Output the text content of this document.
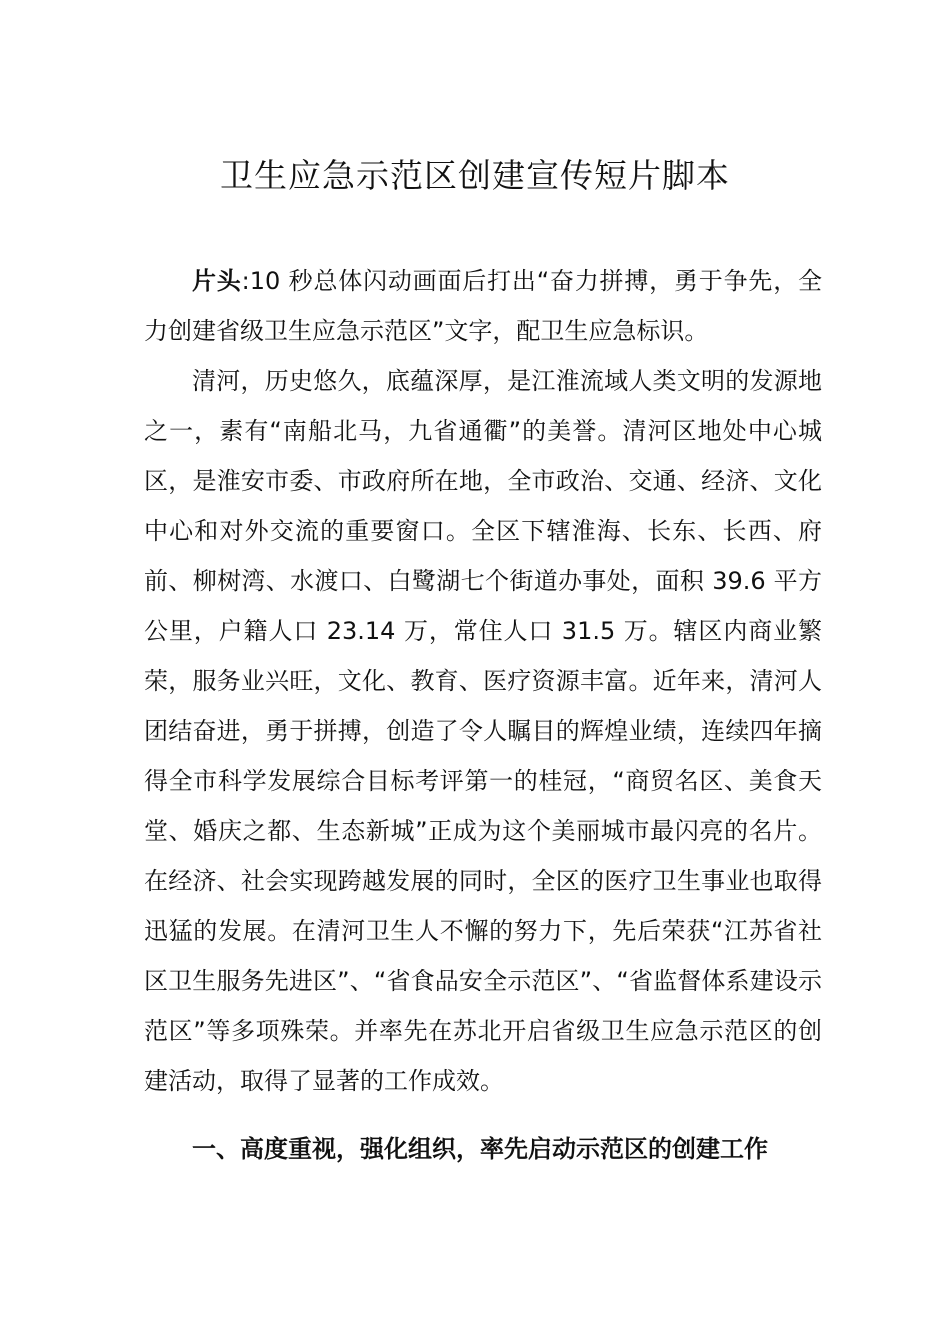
卫生应急示范区创建宣传短片脚本

片头:10 秒总体闪动画面后打出“奋力拼搏，勇于争先，全力创建省级卫生应急示范区”文字，配卫生应急标识。

清河，历史悠久，底蕴深厚，是江淮流域人类文明的发源地之一，素有“南船北马，九省通衢”的美誉。清河区地处中心城区，是淮安市委、市政府所在地，全市政治、交通、经济、文化中心和对外交流的重要窗口。全区下辖淮海、长东、长西、府前、柳树湾、水渡口、白鹭湖七个街道办事处，面积 39.6 平方公里，户籍人口 23.14 万，常住人口 31.5 万。辖区内商业繁荣，服务业兴旺，文化、教育、医疗资源丰富。近年来，清河人团结奋进，勇于拼搏，创造了令人瞩目的辉煌业绩，连续四年摘得全市科学发展综合目标考评第一的桂冠，“商贸名区、美食天堂、婚庆之都、生态新城”正成为这个美丽城市最闪亮的名片。在经济、社会实现跨越发展的同时，全区的医疗卫生事业也取得迅猛的发展。在清河卫生人不懈的努力下，先后荣获“江苏省社区卫生服务先进区”、“省食品安全示范区”、“省监督体系建设示范区”等多项殊荣。并率先在苏北开启省级卫生应急示范区的创建活动，取得了显著的工作成效。

一、高度重视，强化组织，率先启动示范区的创建工作
